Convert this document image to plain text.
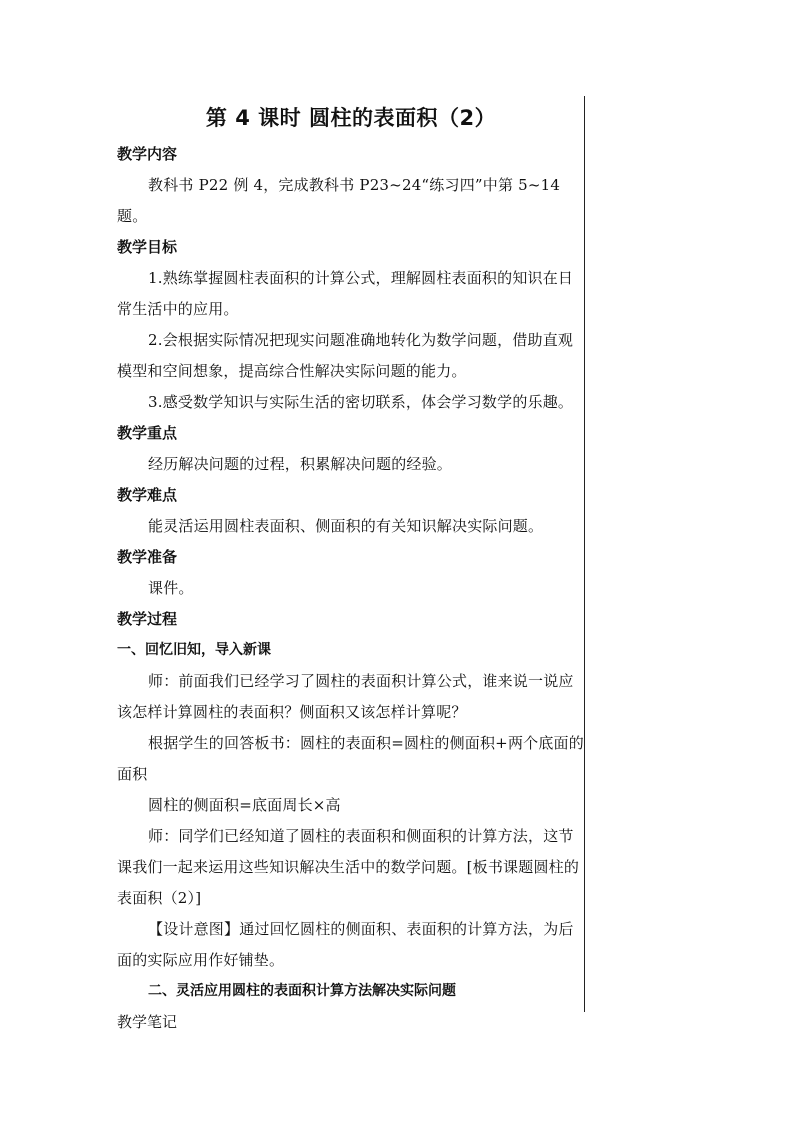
第 4 课时 圆柱的表面积（2）
教学内容

教科书 P22 例 4，完成教科书 P23~24“练习四”中第 5~14 题。

教学目标

1.熟练掌握圆柱表面积的计算公式，理解圆柱表面积的知识在日常生活中的应用。

2.会根据实际情况把现实问题准确地转化为数学问题，借助直观模型和空间想象，提高综合性解决实际问题的能力。

3.感受数学知识与实际生活的密切联系，体会学习数学的乐趣。

教学重点

经历解决问题的过程，积累解决问题的经验。

教学难点

能灵活运用圆柱表面积、侧面积的有关知识解决实际问题。

教学准备

课件。

教学过程
一、回忆旧知，导入新课

师：前面我们已经学习了圆柱的表面积计算公式，谁来说一说应该怎样计算圆柱的表面积？侧面积又该怎样计算呢？

根据学生的回答板书：圆柱的表面积=圆柱的侧面积+两个底面的面积

圆柱的侧面积=底面周长×高

师：同学们已经知道了圆柱的表面积和侧面积的计算方法，这节课我们一起来运用这些知识解决生活中的数学问题。[板书课题圆柱的表面积（2）]

【设计意图】通过回忆圆柱的侧面积、表面积的计算方法，为后面的实际应用作好铺垫。

二、灵活应用圆柱的表面积计算方法解决实际问题
教学笔记
